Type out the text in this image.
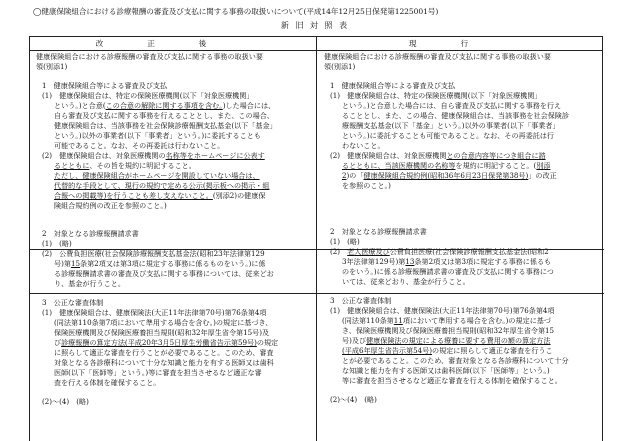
◯健康保険組合における診療報酬の審査及び支払に関する事務の取扱いについて(平成14年12月25日保発第1225001号)
新 旧 対 照 表
改正後	現行
健康保険組合における診療報酬の審査及び支払に関する事務の取扱い要
領(別添1)
1　健康保険組合等による審査及び支払
(1)　健康保険組合は、特定の保険医療機関(以下「対象医療機関」
という。)と合意(この合意の解除に関する事項を含む。)した場合には、
自ら審査及び支払に関する事務を行えることとし、また、この場合、
健康保険組合は、当該事務を社会保険診療報酬支払基金(以下「基金」
という。)以外の事業者(以下「事業者」という。)に委託することも
可能であること。なお、その再委託は行わないこと。
(2)　健康保険組合は、対象医療機関の名称等をホームページに公表す
るとともに、その旨を規約に明記すること。
ただし、健康保険組合がホームページを開設していない場合は、
代替的な手段として、現行の規約で定める公示(掲示板への掲示・組
合報への掲載等)を行うことも差し支えないこと。(別添2)の健康保
険組合規約例の改正を参照のこと。)
2　対象となる診療報酬請求書
(1)　(略)
(2)　公費負担医療(社会保険診療報酬支払基金法(昭和23年法律第129
号)第15条第2項又は第3項に規定する事務に係るものをいう。)に係
る診療報酬請求書の審査及び支払に関する事務については、従来どお
り、基金が行うこと。
3　公正な審査体制
(1)　健康保険組合は、健康保険法(大正11年法律第70号)第76条第4項
(同法第110条第7項において準用する場合を含む。)の規定に基づき、
保険医療機関及び保険医療養担当規則(昭和32年厚生省令第15号)及
び診療報酬の算定方法(平成20年3月5日厚生労働省告示第59号)の規定
に照らして適正な審査を行うことが必要であること。このため、審査
対象となる各診療科について十分な知識と能力を有する医師又は歯科
医師(以下「医師等」という。)等に審査を担当させるなど適正な審
査を行える体制を確保すること。
(2)～(4)　(略)
健康保険組合における診療報酬の審査及び支払に関する事務の取扱い要
領(別添1)
1　健康保険組合等による審査及び支払
(1)　健康保険組合は、特定の保険医療機関(以下「対象医療機関」
という。)と合意した場合には、自ら審査及び支払に関する事務を行え
ることとし、また、この場合、健康保険組合は、当該事務を社会保険診
療報酬支払基金(以下「基金」という。)以外の事業者(以下「事業者」
という。)に委託することも可能であること。なお、その再委託は行
わないこと。
(2)　健康保険組合は、対象医療機関との合意内容等につき組合に諮
るとともに、当該医療機関の名称等を規約に明記すること。(別添
2)の「健康保険組合規約例(昭和36年6月23日保発第38号)」の改正
を参照のこと。)
2　対象となる診療報酬請求書
(1)　(略)
(2)　老人医療及び公費負担医療(社会保険診療報酬支払基金法(昭和2
3年法律第129号)第13条第2項又は第3項に規定する事務に係るも
のをいう。)に係る診療報酬請求書の審査及び支払に関する事務につ
いては、従来どおり、基金が行うこと。
3　公正な審査体制
(1)　健康保険組合は、健康保険法(大正11年法律第70号)第76条第4項
(同法第110条第11項において準用する場合を含む。)の規定に基づ
き、保険医療機関及び保険医療養担当規則(昭和32年厚生省令第15
号)及び健康保険法の規定による療養に要する費用の額の算定方法
(平成6年厚生省告示第54号)の規定に照らして適正な審査を行うこ
とが必要であること。このため、審査対象となる各診療科について十分
な知識と能力を有する医師又は歯科医師(以下「医師等」という。)
等に審査を担当させるなど適正な審査を行える体制を確保すること。
(2)～(4)　(略)
